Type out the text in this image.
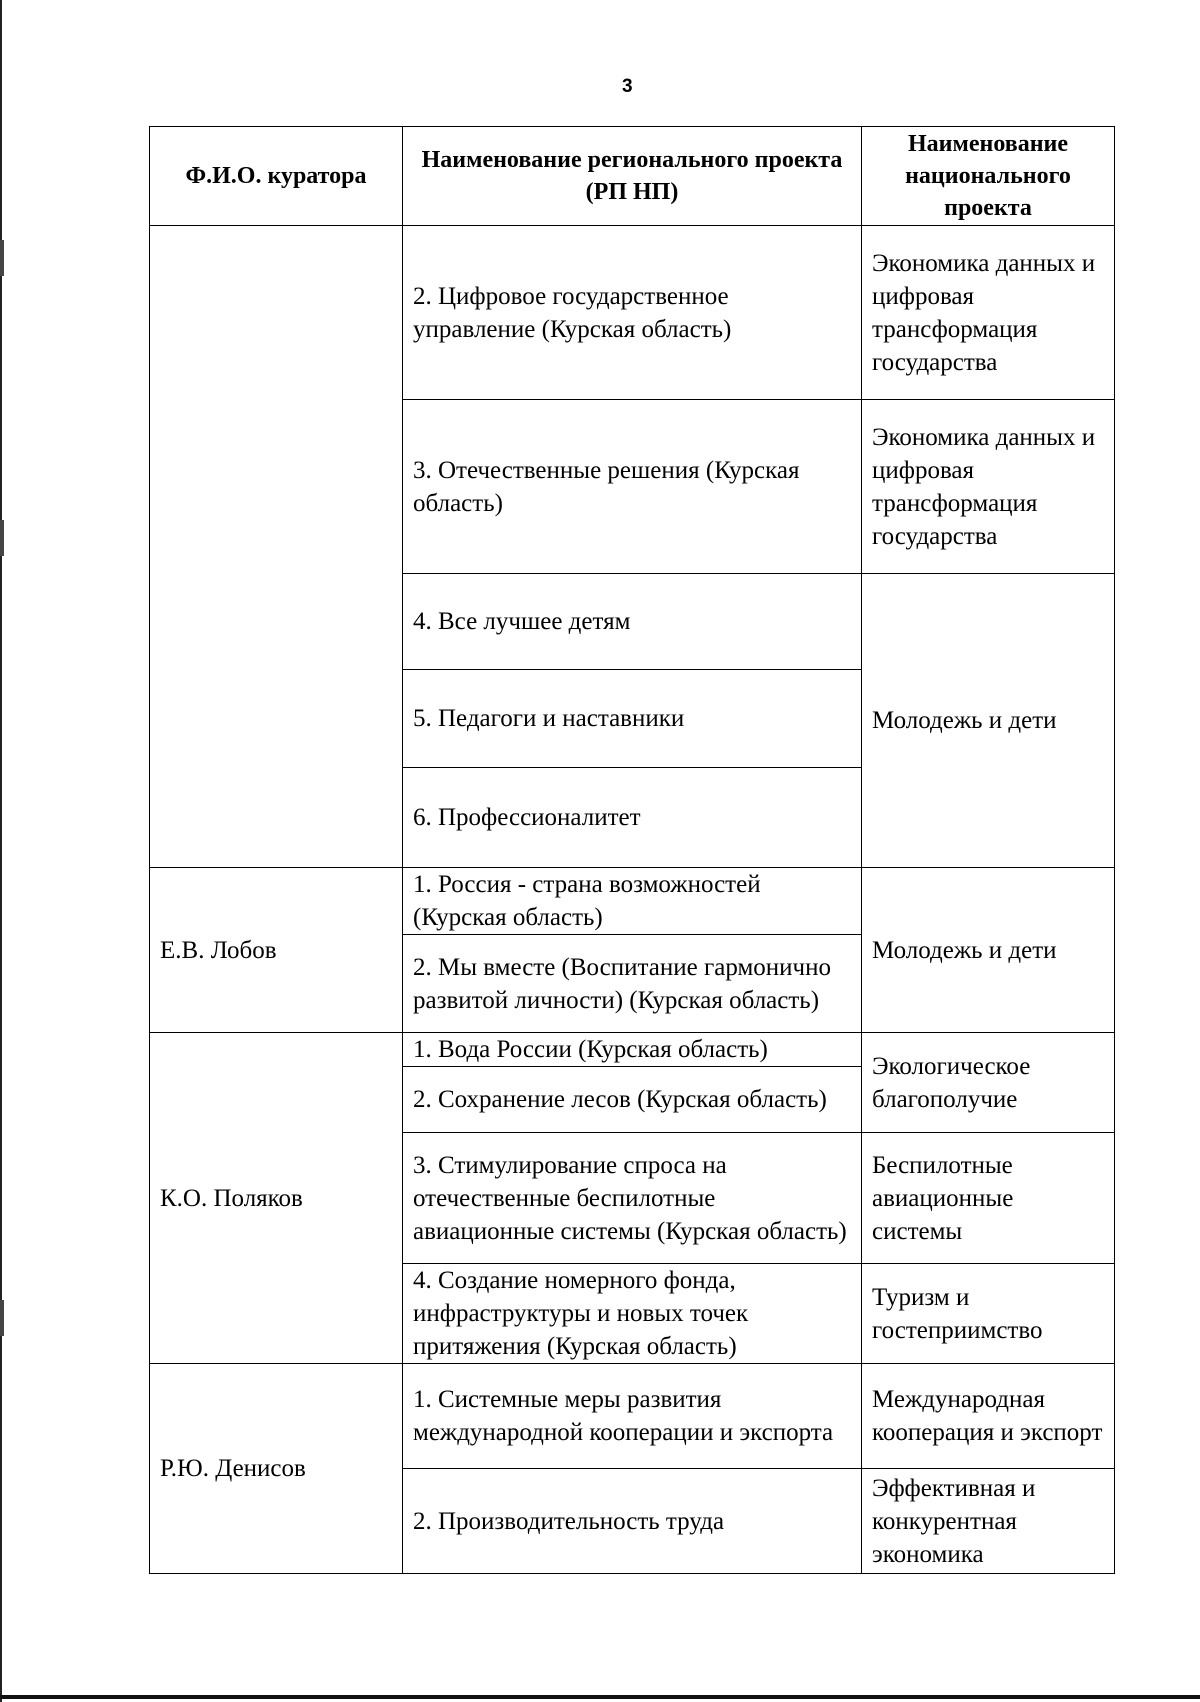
3
Ф.И.О. куратора	Наименование регионального проекта (РП НП)	Наименование национального проекта
	2. Цифровое государственное управление (Курская область)	Экономика данных и цифровая трансформация государства
	3. Отечественные решения (Курская область)	Экономика данных и цифровая трансформация государства
	4. Все лучшее детям	Молодежь и дети
	5. Педагоги и наставники	
	6. Профессионалитет	
Е.В. Лобов	1. Россия - страна возможностей (Курская область)	Молодежь и дети
	2. Мы вместе (Воспитание гармонично развитой личности) (Курская область)	
К.О. Поляков	1. Вода России (Курская область)	Экологическое благополучие
	2. Сохранение лесов (Курская область)	
	3. Стимулирование спроса на отечественные беспилотные авиационные системы (Курская область)	Беспилотные авиационные системы
	4. Создание номерного фонда, инфраструктуры и новых точек притяжения (Курская область)	Туризм и гостеприимство
Р.Ю. Денисов	1. Системные меры развития международной кооперации и экспорта	Международная кооперация и экспорт
	2. Производительность труда	Эффективная и конкурентная экономика
